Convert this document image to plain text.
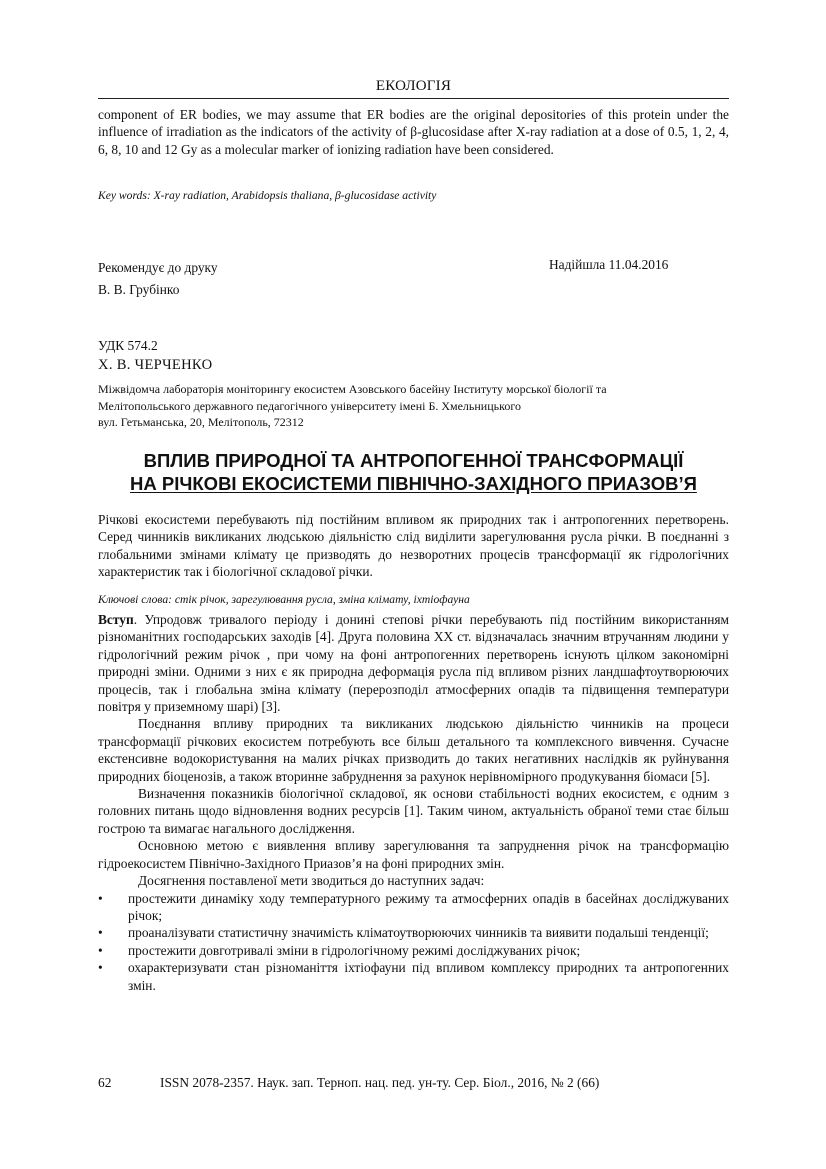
ЕКОЛОГІЯ
component of ER bodies, we may assume that ER bodies are the original depositories of this protein under the influence of irradiation as the indicators of the activity of β-glucosidase after X-ray radiation at a dose of 0.5, 1, 2, 4, 6, 8, 10 and 12 Gy as a molecular marker of ionizing radiation have been considered.
Key words: X-ray radiation, Arabidopsis thaliana, β-glucosidase activity
Рекомендує до друку
В. В. Грубінко
Надійшла 11.04.2016
УДК 574.2
Х. В. ЧЕРЧЕНКО
Міжвідомча лабораторія моніторингу екосистем Азовського басейну Інституту морської біології та
Мелітопольського державного педагогічного університету імені Б. Хмельницького
вул. Гетьманська, 20, Мелітополь, 72312
ВПЛИВ ПРИРОДНОЇ ТА АНТРОПОГЕННОЇ ТРАНСФОРМАЦІЇ
НА РІЧКОВІ ЕКОСИСТЕМИ ПІВНІЧНО-ЗАХІДНОГО ПРИАЗОВ’Я
Річкові екосистеми перебувають під постійним впливом як природних так і антропогенних перетворень. Серед чинників викликаних людською діяльністю слід виділити зарегулювання русла річки. В поєднанні з глобальними змінами клімату це призводять до незворотних процесів трансформації як гідрологічних характеристик так і біологічної складової річки.
Ключові слова: стік річок, зарегулювання русла, зміна клімату, іхтіофауна

Вступ. Упродовж тривалого періоду і донині степові річки перебувають під постійним використанням різноманітних господарських заходів [4]. Друга половина ХХ ст. відзначалась значним втручанням людини у гідрологічний режим річок , при чому на фоні антропогенних перетворень існують цілком закономірні природні зміни. Одними з них є як природна деформація русла під впливом різних ландшафтоутворюючих процесів, так і глобальна зміна клімату (перерозподіл атмосферних опадів та підвищення температури повітря у приземному шарі) [3].

Поєднання впливу природних та викликаних людською діяльністю чинників на процеси трансформації річкових екосистем потребують все більш детального та комплексного вивчення. Сучасне екстенсивне водокористування на малих річках призводить до таких негативних наслідків як руйнування природних біоценозів, а також вторинне забруднення за рахунок нерівномірного продукування біомаси [5].

Визначення показників біологічної складової, як основи стабільності водних екосистем, є одним з головних питань щодо відновлення водних ресурсів [1]. Таким чином, актуальність обраної теми стає більш гострою та вимагає нагального дослідження.

Основною метою є виявлення впливу зарегулювання та запруднення річок на трансформацію гідроекосистем Північно-Західного Приазов’я на фоні природних змін.

Досягнення поставленої мети зводиться до наступних задач:

• простежити динаміку ходу температурного режиму та атмосферних опадів в басейнах досліджуваних річок;
• проаналізувати статистичну значимість кліматоутворюючих чинників та виявити подальші тенденції;
• простежити довготривалі зміни в гідрологічному режимі досліджуваних річок;
• охарактеризувати стан різноманіття іхтіофауни під впливом комплексу природних та антропогенних змін.
62	ISSN 2078-2357. Наук. зап. Терноп. нац. пед. ун-ту. Сер. Біол., 2016, № 2 (66)
